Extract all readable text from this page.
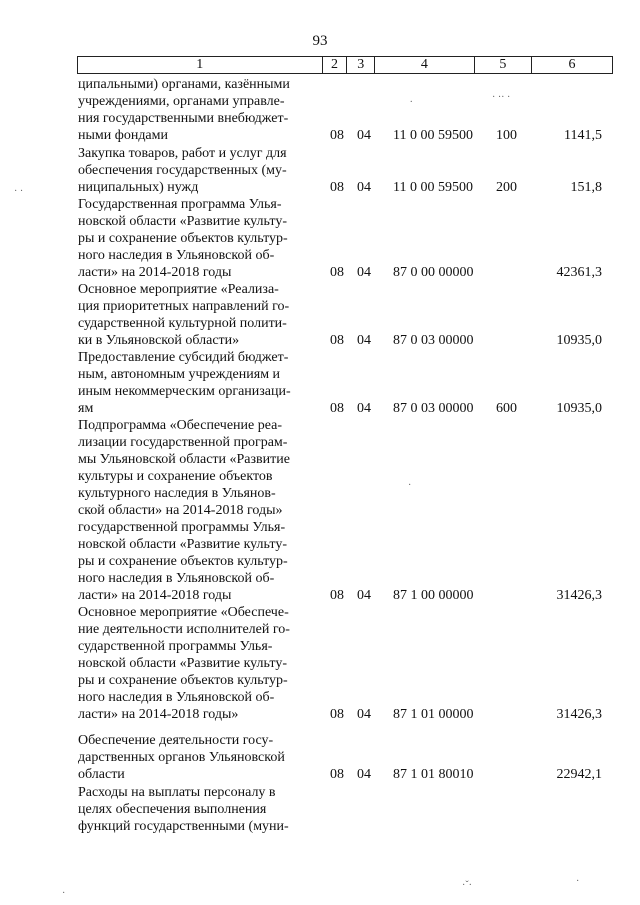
93
1	2	3	4	5	6
ципальными) органами, казёнными
учреждениями, органами управле-
ния государственными внебюджет-
ными фондами	08 04 11 0 00 59500 100	1141,5
Закупка товаров, работ и услуг для
обеспечения государственных (му-
ниципальных) нужд	08 04 11 0 00 59500 200	151,8
Государственная программа Улья-
новской области «Развитие культу-
ры и сохранение объектов культур-
ного наследия в Ульяновской об-
ласти» на 2014-2018 годы	08 04 87 0 00 00000	42361,3
Основное мероприятие «Реализа-
ция приоритетных направлений го-
сударственной культурной полити-
ки в Ульяновской области»	08 04 87 0 03 00000	10935,0
Предоставление субсидий бюджет-
ным, автономным учреждениям и
иным некоммерческим организаци-
ям	08 04 87 0 03 00000 600	10935,0
Подпрограмма «Обеспечение реа-
лизации государственной програм-
мы Ульяновской области «Развитие
культуры и сохранение объектов
культурного наследия в Ульянов-
ской области» на 2014-2018 годы»
государственной программы Улья-
новской области «Развитие культу-
ры и сохранение объектов культур-
ного наследия в Ульяновской об-
ласти» на 2014-2018 годы	08 04 87 1 00 00000	31426,3
Основное мероприятие «Обеспече-
ние деятельности исполнителей го-
сударственной программы Улья-
новской области «Развитие культу-
ры и сохранение объектов культур-
ного наследия в Ульяновской об-
ласти» на 2014-2018 годы»	08 04 87 1 01 00000	31426,3
Обеспечение деятельности госу-
дарственных органов Ульяновской
области	08 04 87 1 01 80010	22942,1
Расходы на выплаты персоналу в
целях обеспечения выполнения
функций государственными (муни-
.	· ·· ·
· ·
·
·
·ˇ·	·
